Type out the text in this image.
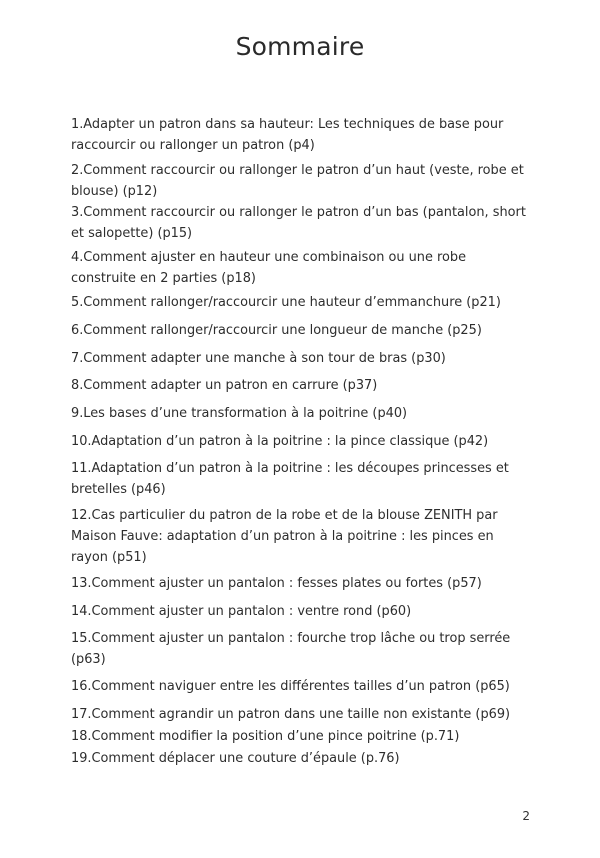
Sommaire
1.Adapter un patron dans sa hauteur: Les techniques de base pour raccourcir ou rallonger un patron (p4)
2.Comment raccourcir ou rallonger le patron d’un haut (veste, robe et blouse) (p12)
3.Comment raccourcir ou rallonger le patron d’un bas (pantalon, short et salopette) (p15)
4.Comment ajuster en hauteur une combinaison ou une robe construite en 2 parties (p18)
5.Comment rallonger/raccourcir une hauteur d’emmanchure (p21)
6.Comment rallonger/raccourcir une longueur de manche (p25)
7.Comment adapter une manche à son tour de bras (p30)
8.Comment adapter un patron en carrure (p37)
9.Les bases d’une transformation à la poitrine (p40)
10.Adaptation d’un patron à la poitrine : la pince classique (p42)
11.Adaptation d’un patron à la poitrine : les découpes princesses et bretelles (p46)
12.Cas particulier du patron de la robe et de la blouse ZENITH par Maison Fauve: adaptation d’un patron à la poitrine : les pinces en rayon (p51)
13.Comment ajuster un pantalon : fesses plates ou fortes (p57)
14.Comment ajuster un pantalon : ventre rond (p60)
15.Comment ajuster un pantalon : fourche trop lâche ou trop serrée (p63)
16.Comment naviguer entre les différentes tailles d’un patron (p65)
17.Comment agrandir un patron dans une taille non existante (p69)
18.Comment modifier la position d’une pince poitrine (p.71)
19.Comment déplacer une couture d’épaule (p.76)
2
